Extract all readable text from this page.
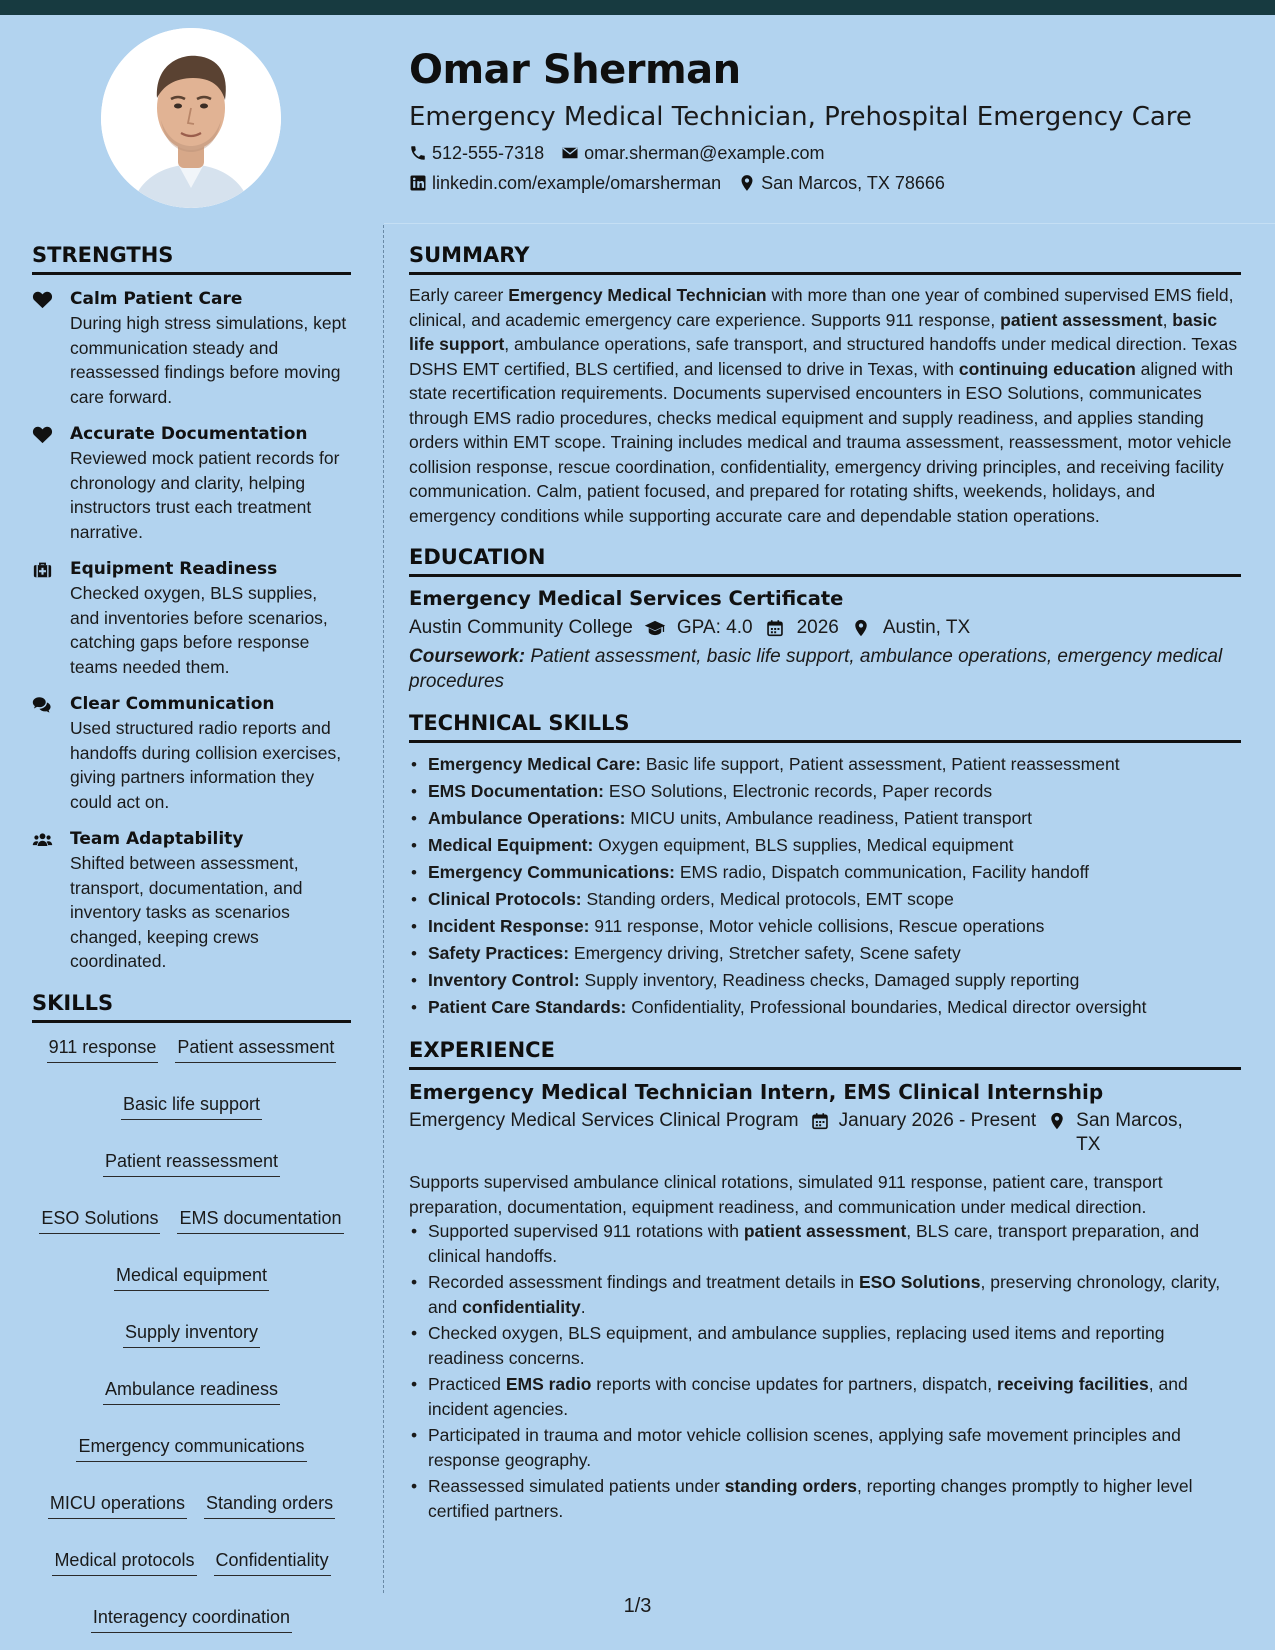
Omar Sherman
Emergency Medical Technician, Prehospital Emergency Care
512-555-7318 omar.sherman@example.com
linkedin.com/example/omarsherman San Marcos, TX 78666
STRENGTHS
Calm Patient Care
During high stress simulations, kept communication steady and reassessed findings before moving care forward.
Accurate Documentation
Reviewed mock patient records for chronology and clarity, helping instructors trust each treatment narrative.
Equipment Readiness
Checked oxygen, BLS supplies, and inventories before scenarios, catching gaps before response teams needed them.
Clear Communication
Used structured radio reports and handoffs during collision exercises, giving partners information they could act on.
Team Adaptability
Shifted between assessment, transport, documentation, and inventory tasks as scenarios changed, keeping crews coordinated.
SKILLS
911 response Patient assessment
Basic life support
Patient reassessment
ESO Solutions EMS documentation
Medical equipment
Supply inventory
Ambulance readiness
Emergency communications
MICU operations Standing orders
Medical protocols Confidentiality
Interagency coordination
SUMMARY

Early career Emergency Medical Technician with more than one year of combined supervised EMS field, clinical, and academic emergency care experience. Supports 911 response, patient assessment, basic life support, ambulance operations, safe transport, and structured handoffs under medical direction. Texas DSHS EMT certified, BLS certified, and licensed to drive in Texas, with continuing education aligned with state recertification requirements. Documents supervised encounters in ESO Solutions, communicates through EMS radio procedures, checks medical equipment and supply readiness, and applies standing orders within EMT scope. Training includes medical and trauma assessment, reassessment, motor vehicle collision response, rescue coordination, confidentiality, emergency driving principles, and receiving facility communication. Calm, patient focused, and prepared for rotating shifts, weekends, holidays, and emergency conditions while supporting accurate care and dependable station operations.

EDUCATION
Emergency Medical Services Certificate
Austin Community College GPA: 4.0 2026 Austin, TX
Coursework: Patient assessment, basic life support, ambulance operations, emergency medical procedures
TECHNICAL SKILLS
• Emergency Medical Care: Basic life support, Patient assessment, Patient reassessment
• EMS Documentation: ESO Solutions, Electronic records, Paper records
• Ambulance Operations: MICU units, Ambulance readiness, Patient transport
• Medical Equipment: Oxygen equipment, BLS supplies, Medical equipment
• Emergency Communications: EMS radio, Dispatch communication, Facility handoff
• Clinical Protocols: Standing orders, Medical protocols, EMT scope
• Incident Response: 911 response, Motor vehicle collisions, Rescue operations
• Safety Practices: Emergency driving, Stretcher safety, Scene safety
• Inventory Control: Supply inventory, Readiness checks, Damaged supply reporting
• Patient Care Standards: Confidentiality, Professional boundaries, Medical director oversight
EXPERIENCE
Emergency Medical Technician Intern, EMS Clinical Internship
Emergency Medical Services Clinical Program January 2026 - Present San Marcos, TX

Supports supervised ambulance clinical rotations, simulated 911 response, patient care, transport preparation, documentation, equipment readiness, and communication under medical direction.

• Supported supervised 911 rotations with patient assessment, BLS care, transport preparation, and clinical handoffs.
• Recorded assessment findings and treatment details in ESO Solutions, preserving chronology, clarity, and confidentiality.
• Checked oxygen, BLS equipment, and ambulance supplies, replacing used items and reporting readiness concerns.
• Practiced EMS radio reports with concise updates for partners, dispatch, receiving facilities, and incident agencies.
• Participated in trauma and motor vehicle collision scenes, applying safe movement principles and response geography.
• Reassessed simulated patients under standing orders, reporting changes promptly to higher level certified partners.
1/3
